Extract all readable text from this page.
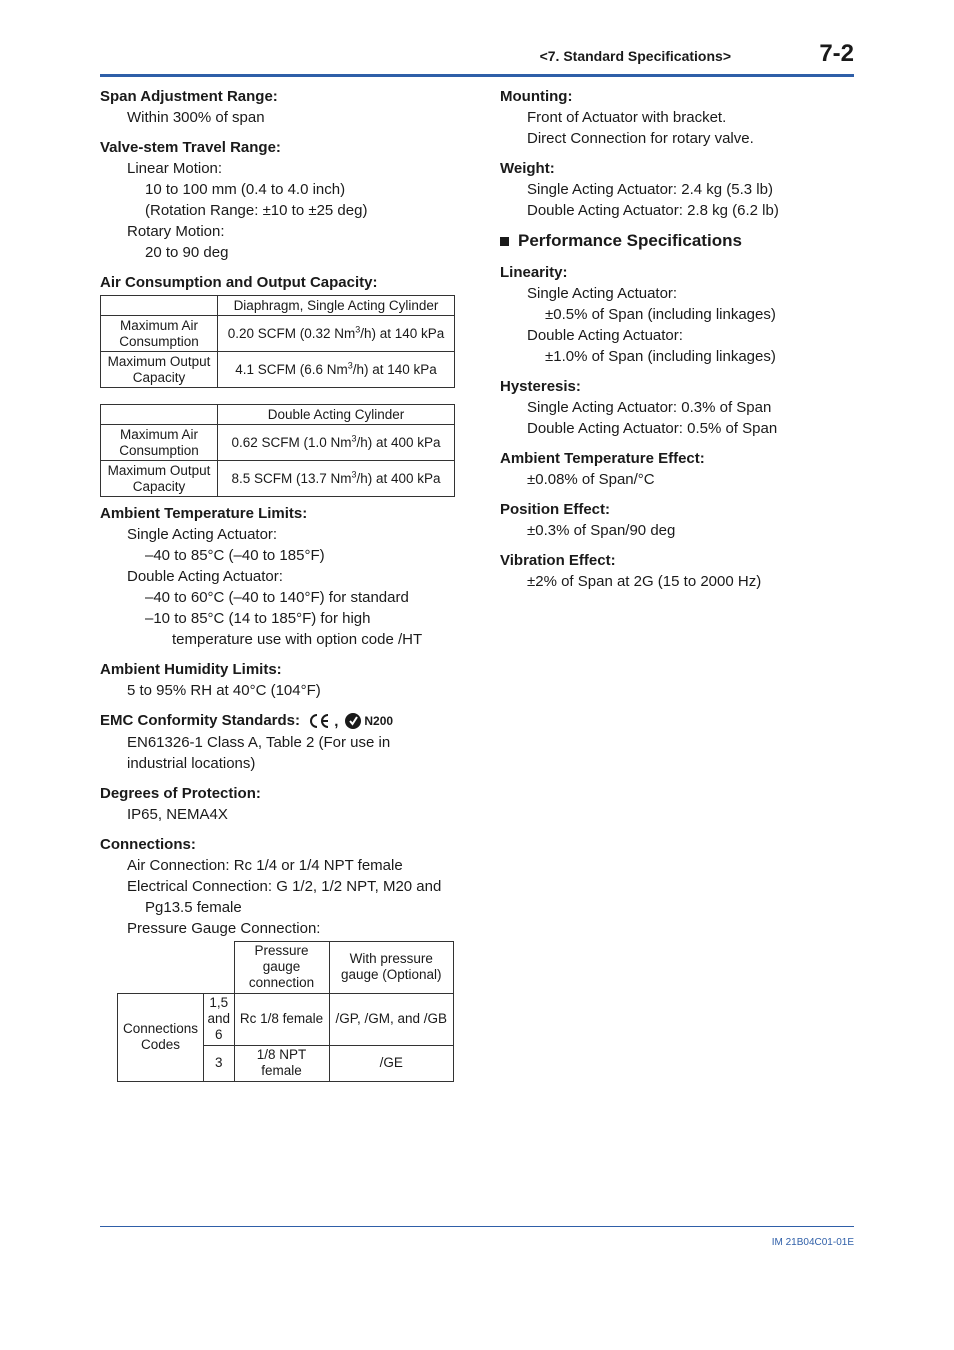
<7. Standard Specifications>	7-2
Span Adjustment Range:
Within 300% of span
Valve-stem Travel Range:
Linear Motion:
10 to 100 mm (0.4 to 4.0 inch)
(Rotation Range: ±10 to ±25 deg)
Rotary Motion:
20 to 90 deg
Air Consumption and Output Capacity:
	Diaphragm, Single Acting Cylinder
Maximum Air Consumption	0.20 SCFM (0.32 Nm$^3$/h) at 140 kPa
Maximum Output Capacity	4.1 SCFM (6.6 Nm$^3$/h) at 140 kPa
	Double Acting Cylinder
Maximum Air Consumption	0.62 SCFM (1.0 Nm$^3$/h) at 400 kPa
Maximum Output Capacity	8.5 SCFM (13.7 Nm$^3$/h) at 400 kPa
Ambient Temperature Limits:
Single Acting Actuator:
–40 to 85°C (–40 to 185°F)
Double Acting Actuator:
–40 to 60°C (–40 to 140°F) for standard
–10 to 85°C (14 to 185°F) for high
temperature use with option code /HT
Ambient Humidity Limits:
5 to 95% RH at 40°C (104°F)
EMC Conformity Standards: , N200
EN61326-1 Class A, Table 2 (For use in
industrial locations)
Degrees of Protection:
IP65, NEMA4X
Connections:
Air Connection: Rc 1/4 or 1/4 NPT female
Electrical Connection: G 1/2, 1/2 NPT, M20 and
Pg13.5 female
Pressure Gauge Connection:
		Pressure gauge connection	With pressure gauge (Optional)
Connections Codes	1,5 and 6	Rc 1/8 female	/GP, /GM, and /GB
	3	1/8 NPT female	/GE
Mounting:
Front of Actuator with bracket.
Direct Connection for rotary valve.
Weight:
Single Acting Actuator: 2.4 kg (5.3 lb)
Double Acting Actuator: 2.8 kg (6.2 lb)
Performance Specifications
Linearity:
Single Acting Actuator:
±0.5% of Span (including linkages)
Double Acting Actuator:
±1.0% of Span (including linkages)
Hysteresis:
Single Acting Actuator: 0.3% of Span
Double Acting Actuator: 0.5% of Span
Ambient Temperature Effect:
±0.08% of Span/°C
Position Effect:
±0.3% of Span/90 deg
Vibration Effect:
±2% of Span at 2G (15 to 2000 Hz)
IM 21B04C01-01E
